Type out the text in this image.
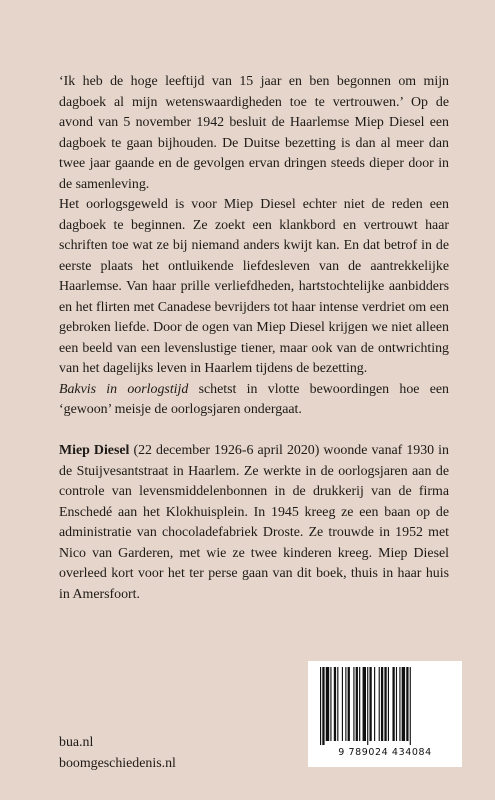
‘Ik heb de hoge leeftijd van 15 jaar en ben begonnen om mijn dagboek al mijn wetenswaardigheden toe te vertrouwen.’ Op de avond van 5 november 1942 besluit de Haarlemse Miep Diesel een dagboek te gaan bijhouden. De Duitse bezetting is dan al meer dan twee jaar gaande en de gevolgen ervan dringen steeds dieper door in de samenleving.

Het oorlogsgeweld is voor Miep Diesel echter niet de reden een dagboek te beginnen. Ze zoekt een klankbord en vertrouwt haar schriften toe wat ze bij niemand anders kwijt kan. En dat betrof in de eerste plaats het ontluikende liefdesleven van de aantrekkelijke Haarlemse. Van haar prille verliefdheden, hartstochtelijke aanbidders en het flirten met Canadese bevrijders tot haar intense verdriet om een gebroken liefde. Door de ogen van Miep Diesel krijgen we niet alleen een beeld van een levenslustige tiener, maar ook van de ontwrichting van het dagelijks leven in Haarlem tijdens de bezetting.

Bakvis in oorlogstijd schetst in vlotte bewoordingen hoe een ‘gewoon’ meisje de oorlogsjaren ondergaat.

Miep Diesel (22 december 1926-6 april 2020) woonde vanaf 1930 in de Stuijvesantstraat in Haarlem. Ze werkte in de oorlogsjaren aan de controle van levensmiddelenbonnen in de drukkerij van de firma Enschedé aan het Klokhuisplein. In 1945 kreeg ze een baan op de administratie van chocoladefabriek Droste. Ze trouwde in 1952 met Nico van Garderen, met wie ze twee kinderen kreeg. Miep Diesel overleed kort voor het ter perse gaan van dit boek, thuis in haar huis in Amersfoort.

bua.nl
boomgeschiedenis.nl
9 789024 434084
